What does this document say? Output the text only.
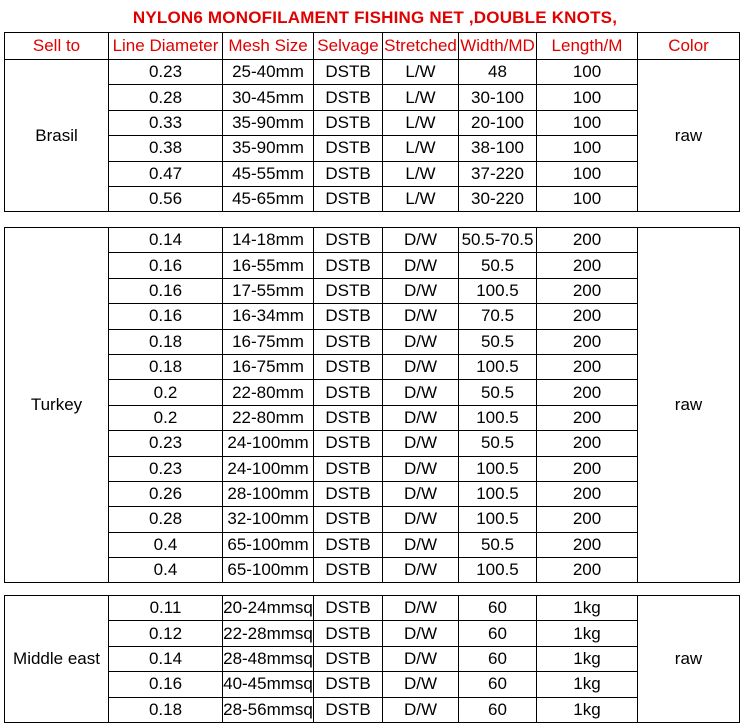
NYLON6 MONOFILAMENT FISHING NET ,DOUBLE KNOTS,
Sell to	Line Diameter	Mesh Size	Selvage	Stretched	Width/MD	Length/M	Color
Brasil	0.23	25-40mm	DSTB	L/W	48	100	raw
	0.28	30-45mm	DSTB	L/W	30-100	100	
	0.33	35-90mm	DSTB	L/W	20-100	100	
	0.38	35-90mm	DSTB	L/W	38-100	100	
	0.47	45-55mm	DSTB	L/W	37-220	100	
	0.56	45-65mm	DSTB	L/W	30-220	100	
Turkey	0.14	14-18mm	DSTB	D/W	50.5-70.5	200	raw
	0.16	16-55mm	DSTB	D/W	50.5	200	
	0.16	17-55mm	DSTB	D/W	100.5	200	
	0.16	16-34mm	DSTB	D/W	70.5	200	
	0.18	16-75mm	DSTB	D/W	50.5	200	
	0.18	16-75mm	DSTB	D/W	100.5	200	
	0.2	22-80mm	DSTB	D/W	50.5	200	
	0.2	22-80mm	DSTB	D/W	100.5	200	
	0.23	24-100mm	DSTB	D/W	50.5	200	
	0.23	24-100mm	DSTB	D/W	100.5	200	
	0.26	28-100mm	DSTB	D/W	100.5	200	
	0.28	32-100mm	DSTB	D/W	100.5	200	
	0.4	65-100mm	DSTB	D/W	50.5	200	
	0.4	65-100mm	DSTB	D/W	100.5	200	
Middle east	0.11	20-24mmsq	DSTB	D/W	60	1kg	raw
	0.12	22-28mmsq	DSTB	D/W	60	1kg	
	0.14	28-48mmsq	DSTB	D/W	60	1kg	
	0.16	40-45mmsq	DSTB	D/W	60	1kg	
	0.18	28-56mmsq	DSTB	D/W	60	1kg	
